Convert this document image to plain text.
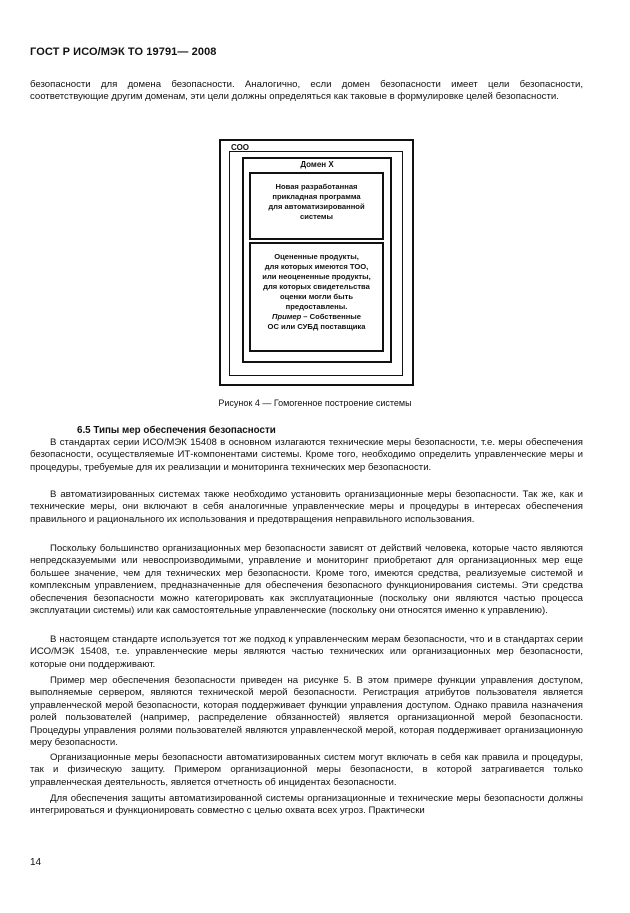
ГОСТ Р ИСО/МЭК ТО 19791— 2008

безопасности для домена безопасности. Аналогично, если домен безопасности имеет цели безопасности, соответствующие другим доменам, эти цели должны определяться как таковые в формулировке целей безопасности.

СОО
Домен Х
Новая разработанная
прикладная программа
для автоматизированной
системы
Оцененные продукты,
для которых имеются ТОО,
или неоцененные продукты,
для которых свидетельства
оценки могли быть
предоставлены.
Пример – Собственные
ОС или СУБД поставщика
Рисунок 4 — Гомогенное построение системы
6.5 Типы мер обеспечения безопасности

В стандартах серии ИСО/МЭК 15408 в основном излагаются технические меры безопасности, т.е. меры обеспечения безопасности, осуществляемые ИТ-компонентами системы. Кроме того, необходимо определить управленческие меры и процедуры, требуемые для их реализации и мониторинга технических мер безопасности.

В автоматизированных системах также необходимо установить организационные меры безопасности. Так же, как и технические меры, они включают в себя аналогичные управленческие меры и процедуры в интересах обеспечения правильного и рационального их использования и предотвращения неправильного использования.

Поскольку большинство организационных мер безопасности зависят от действий человека, которые часто являются непредсказуемыми или невоспроизводимыми, управление и мониторинг приобретают для организационных мер еще большее значение, чем для технических мер безопасности. Кроме того, имеются средства, реализуемые системой и комплексным управлением, предназначенные для обеспечения безопасного функционирования системы. Эти средства обеспечения безопасности можно категорировать как эксплуатационные (поскольку они являются частью процесса эксплуатации системы) или как самостоятельные управленческие (поскольку они относятся именно к управлению).

В настоящем стандарте используется тот же подход к управленческим мерам безопасности, что и в стандартах серии ИСО/МЭК 15408, т.е. управленческие меры являются частью технических или организационных мер безопасности, которые они поддерживают.

Пример мер обеспечения безопасности приведен на рисунке 5. В этом примере функции управления доступом, выполняемые сервером, являются технической мерой безопасности. Регистрация атрибутов пользователя является управленческой мерой безопасности, которая поддерживает функции управления доступом. Однако правила назначения ролей пользователей (например, распределение обязанностей) является организационной мерой безопасности. Процедуры управления ролями пользователей являются управленческой мерой, которая поддерживает организационную меру безопасности.

Организационные меры безопасности автоматизированных систем могут включать в себя как правила и процедуры, так и физическую защиту. Примером организационной меры безопасности, в которой затрагивается только управленческая деятельность, является отчетность об инцидентах безопасности.

Для обеспечения защиты автоматизированной системы организационные и технические меры безопасности должны интегрироваться и функционировать совместно с целью охвата всех угроз. Практически

14
